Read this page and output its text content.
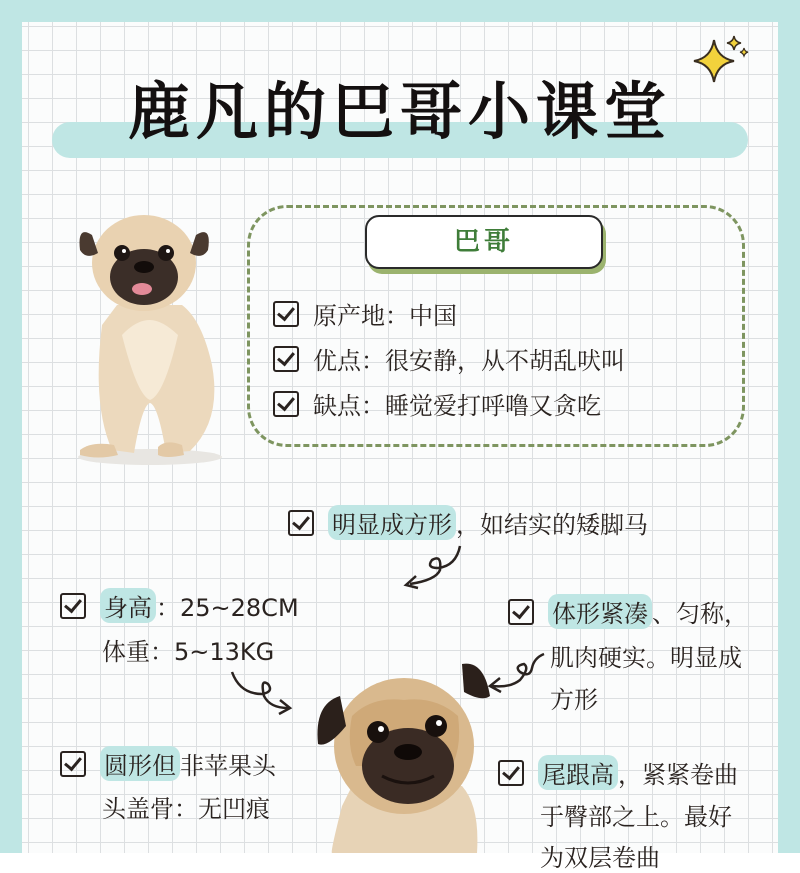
鹿凡的巴哥小课堂
巴哥
原产地 ： 中国
优点 ： 很安静，从不胡乱吠叫
缺点 ： 睡觉爱打呼噜又贪吃
明显成方形 ，如结实的矮脚马
身高 ：25~28CM
体重：5~13KG
体形紧凑 、匀称，
肌肉硬实。明显成
方形
圆形但 非苹果头
头盖骨：无凹痕
尾跟高 ，紧紧卷曲
于臀部之上。最好
为双层卷曲
